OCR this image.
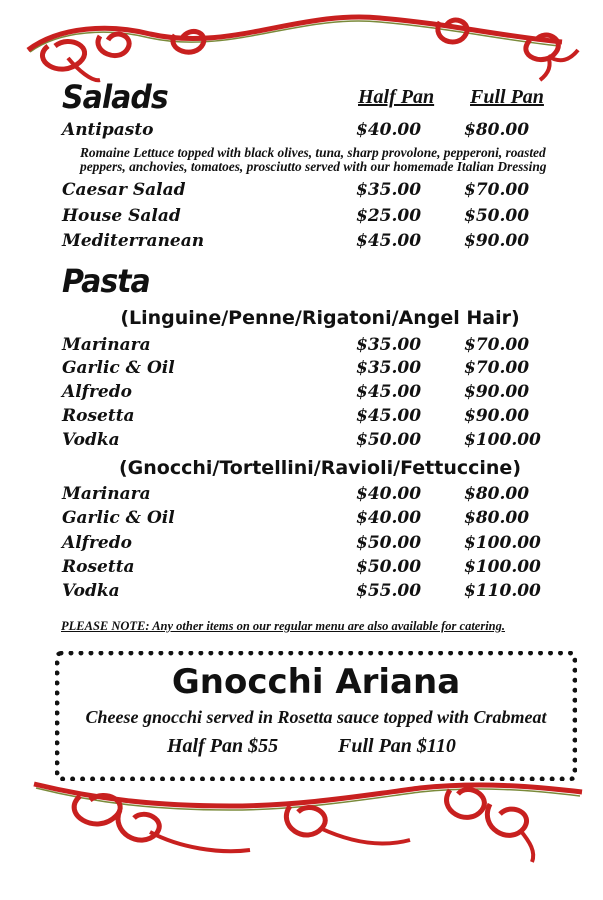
Salads	Half Pan Full Pan
Antipasto	$40.00	$80.00
Romaine Lettuce topped with black olives, tuna, sharp provolone, pepperoni, roasted
peppers, anchovies, tomatoes, prosciutto served with our homemade Italian Dressing
Caesar Salad	$35.00	$70.00
House Salad	$25.00	$50.00
Mediterranean	$45.00	$90.00
Pasta
(Linguine/Penne/Rigatoni/Angel Hair)
Marinara	$35.00	$70.00
Garlic & Oil	$35.00	$70.00
Alfredo	$45.00	$90.00
Rosetta	$45.00	$90.00
Vodka	$50.00	$100.00
(Gnocchi/Tortellini/Ravioli/Fettuccine)
Marinara	$40.00	$80.00
Garlic & Oil	$40.00	$80.00
Alfredo	$50.00	$100.00
Rosetta	$50.00	$100.00
Vodka	$55.00	$110.00
PLEASE NOTE: Any other items on our regular menu are also available for catering.
Gnocchi Ariana
Cheese gnocchi served in Rosetta sauce topped with Crabmeat
Half Pan $55	Full Pan $110
